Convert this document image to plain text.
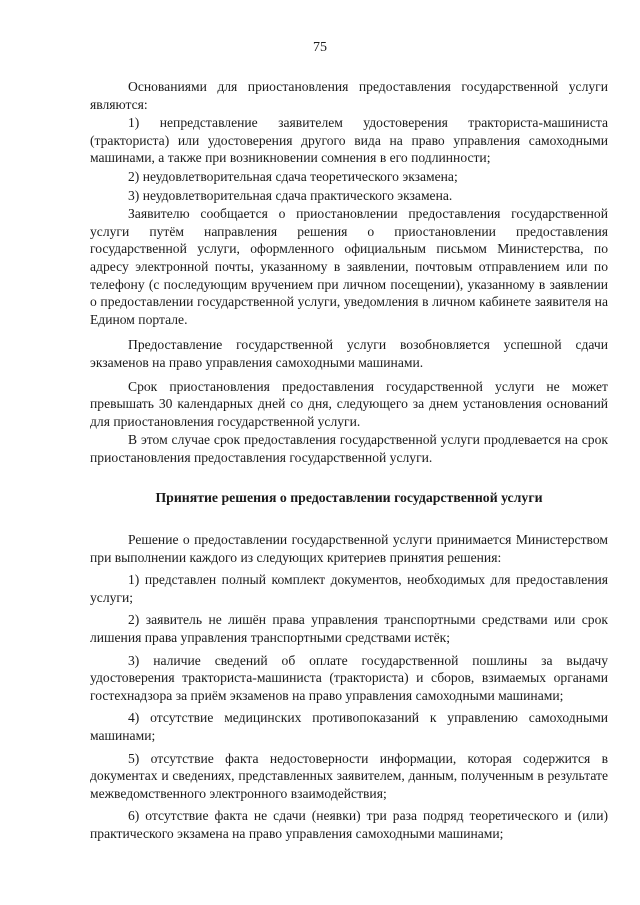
75

Основаниями для приостановления предоставления государственной услуги являются:

1) непредставление заявителем удостоверения тракториста-машиниста (тракториста) или удостоверения другого вида на право управления самоходными машинами, а также при возникновении сомнения в его подлинности;

2) неудовлетворительная сдача теоретического экзамена;

3) неудовлетворительная сдача практического экзамена.

Заявителю сообщается о приостановлении предоставления государственной услуги путём направления решения о приостановлении предоставления государственной услуги, оформленного официальным письмом Министерства, по адресу электронной почты, указанному в заявлении, почтовым отправлением или по телефону (с последующим вручением при личном посещении), указанному в заявлении о предоставлении государственной услуги, уведомления в личном кабинете заявителя на Едином портале.

Предоставление государственной услуги возобновляется успешной сдачи экзаменов на право управления самоходными машинами.

Срок приостановления предоставления государственной услуги не может превышать 30 календарных дней со дня, следующего за днем установления оснований для приостановления государственной услуги.

В этом случае срок предоставления государственной услуги продлевается на срок приостановления предоставления государственной услуги.

Принятие решения о предоставлении государственной услуги

Решение о предоставлении государственной услуги принимается Министерством при выполнении каждого из следующих критериев принятия решения:

1) представлен полный комплект документов, необходимых для предоставления услуги;

2) заявитель не лишён права управления транспортными средствами или срок лишения права управления транспортными средствами истёк;

3) наличие сведений об оплате государственной пошлины за выдачу удостоверения тракториста-машиниста (тракториста) и сборов, взимаемых органами гостехнадзора за приём экзаменов на право управления самоходными машинами;

4) отсутствие медицинских противопоказаний к управлению самоходными машинами;

5) отсутствие факта недостоверности информации, которая содержится в документах и сведениях, представленных заявителем, данным, полученным в результате межведомственного электронного взаимодействия;

6) отсутствие факта не сдачи (неявки) три раза подряд теоретического и (или) практического экзамена на право управления самоходными машинами;
